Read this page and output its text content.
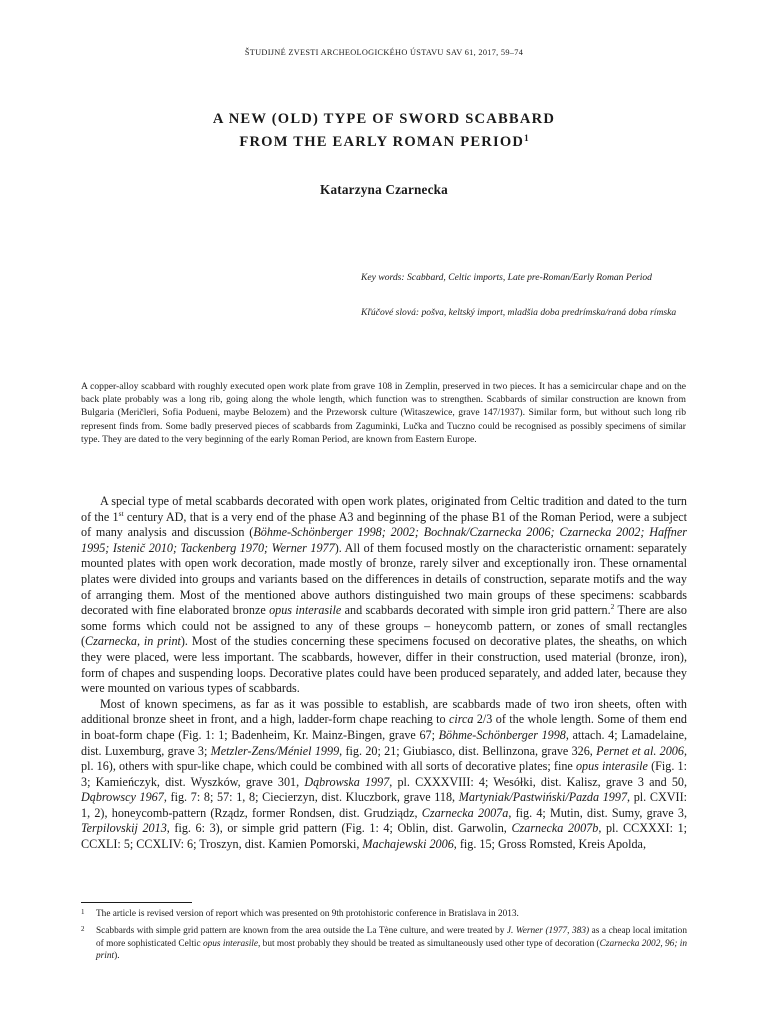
ŠTUDIJNÉ ZVESTI ARCHEOLOGICKÉHO ÚSTAVU SAV 61, 2017, 59–74
A NEW (OLD) TYPE OF SWORD SCABBARD
FROM THE EARLY ROMAN PERIOD$^1$
Katarzyna Czarnecka
Key words: Scabbard, Celtic imports, Late pre-Roman/Early Roman Period
Kľúčové slová: pošva, keltský import, mladšia doba predrímska/raná doba rímska

A copper-alloy scabbard with roughly executed open work plate from grave 108 in Zemplin, preserved in two pieces. It has a semicircular chape and on the back plate probably was a long rib, going along the whole length, which function was to strengthen. Scabbards of similar construction are known from Bulgaria (Meričleri, Sofia Podueni, maybe Belozem) and the Przeworsk culture (Witaszewice, grave 147/1937). Similar form, but without such long rib represent finds from. Some badly preserved pieces of scabbards from Zaguminki, Lučka and Tuczno could be recognised as possibly specimens of similar type. They are dated to the very beginning of the early Roman Period, are known from Eastern Europe.

A special type of metal scabbards decorated with open work plates, originated from Celtic tradition and dated to the turn of the 1st century AD, that is a very end of the phase A3 and beginning of the phase B1 of the Roman Period, were a subject of many analysis and discussion (Böhme-Schönberger 1998; 2002; Bochnak/Czarnecka 2006; Czarnecka 2002; Haffner 1995; Istenič 2010; Tackenberg 1970; Werner 1977). All of them focused mostly on the characteristic ornament: separately mounted plates with open work decoration, made mostly of bronze, rarely silver and exceptionally iron. These ornamental plates were divided into groups and variants based on the differences in details of construction, separate motifs and the way of arranging them. Most of the mentioned above authors distinguished two main groups of these specimens: scabbards decorated with fine elaborated bronze opus interasile and scabbards decorated with simple iron grid pattern.$^2$ There are also some forms which could not be assigned to any of these groups – honeycomb pattern, or zones of small rectangles (Czarnecka, in print). Most of the studies concerning these specimens focused on decorative plates, the sheaths, on which they were placed, were less important. The scabbards, however, differ in their construction, used material (bronze, iron), form of chapes and suspending loops. Decorative plates could have been produced separately, and added later, because they were mounted on various types of scabbards.

Most of known specimens, as far as it was possible to establish, are scabbards made of two iron sheets, often with additional bronze sheet in front, and a high, ladder-form chape reaching to circa 2/3 of the whole length. Some of them end in boat-form chape (Fig. 1: 1; Badenheim, Kr. Mainz-Bingen, grave 67; Böhme-Schönberger 1998, attach. 4; Lamadelaine, dist. Luxemburg, grave 3; Metzler-Zens/Méniel 1999, fig. 20; 21; Giubiasco, dist. Bellinzona, grave 326, Pernet et al. 2006, pl. 16), others with spur-like chape, which could be combined with all sorts of decorative plates; fine opus interasile (Fig. 1: 3; Kamieńczyk, dist. Wyszków, grave 301, Dąbrowska 1997, pl. CXXXVIII: 4; Wesółki, dist. Kalisz, grave 3 and 50, Dąbrowscy 1967, fig. 7: 8; 57: 1, 8; Ciecierzyn, dist. Kluczbork, grave 118, Martyniak/Pastwiński/Pazda 1997, pl. CXVII: 1, 2), honeycomb-pattern (Rządz, former Rondsen, dist. Grudziądz, Czarnecka 2007a, fig. 4; Mutin, dist. Sumy, grave 3, Terpilovskij 2013, fig. 6: 3), or simple grid pattern (Fig. 1: 4; Oblin, dist. Garwolin, Czarnecka 2007b, pl. CCXXXI: 1; CCXLI: 5; CCXLIV: 6; Troszyn, dist. Kamien Pomorski, Machajewski 2006, fig. 15; Gross Romsted, Kreis Apolda,

1 The article is revised version of report which was presented on 9th protohistoric conference in Bratislava in 2013.

2 Scabbards with simple grid pattern are known from the area outside the La Tène culture, and were treated by J. Werner (1977, 383) as a cheap local imitation of more sophisticated Celtic opus interasile, but most probably they should be treated as simultaneously used other type of decoration (Czarnecka 2002, 96; in print).
